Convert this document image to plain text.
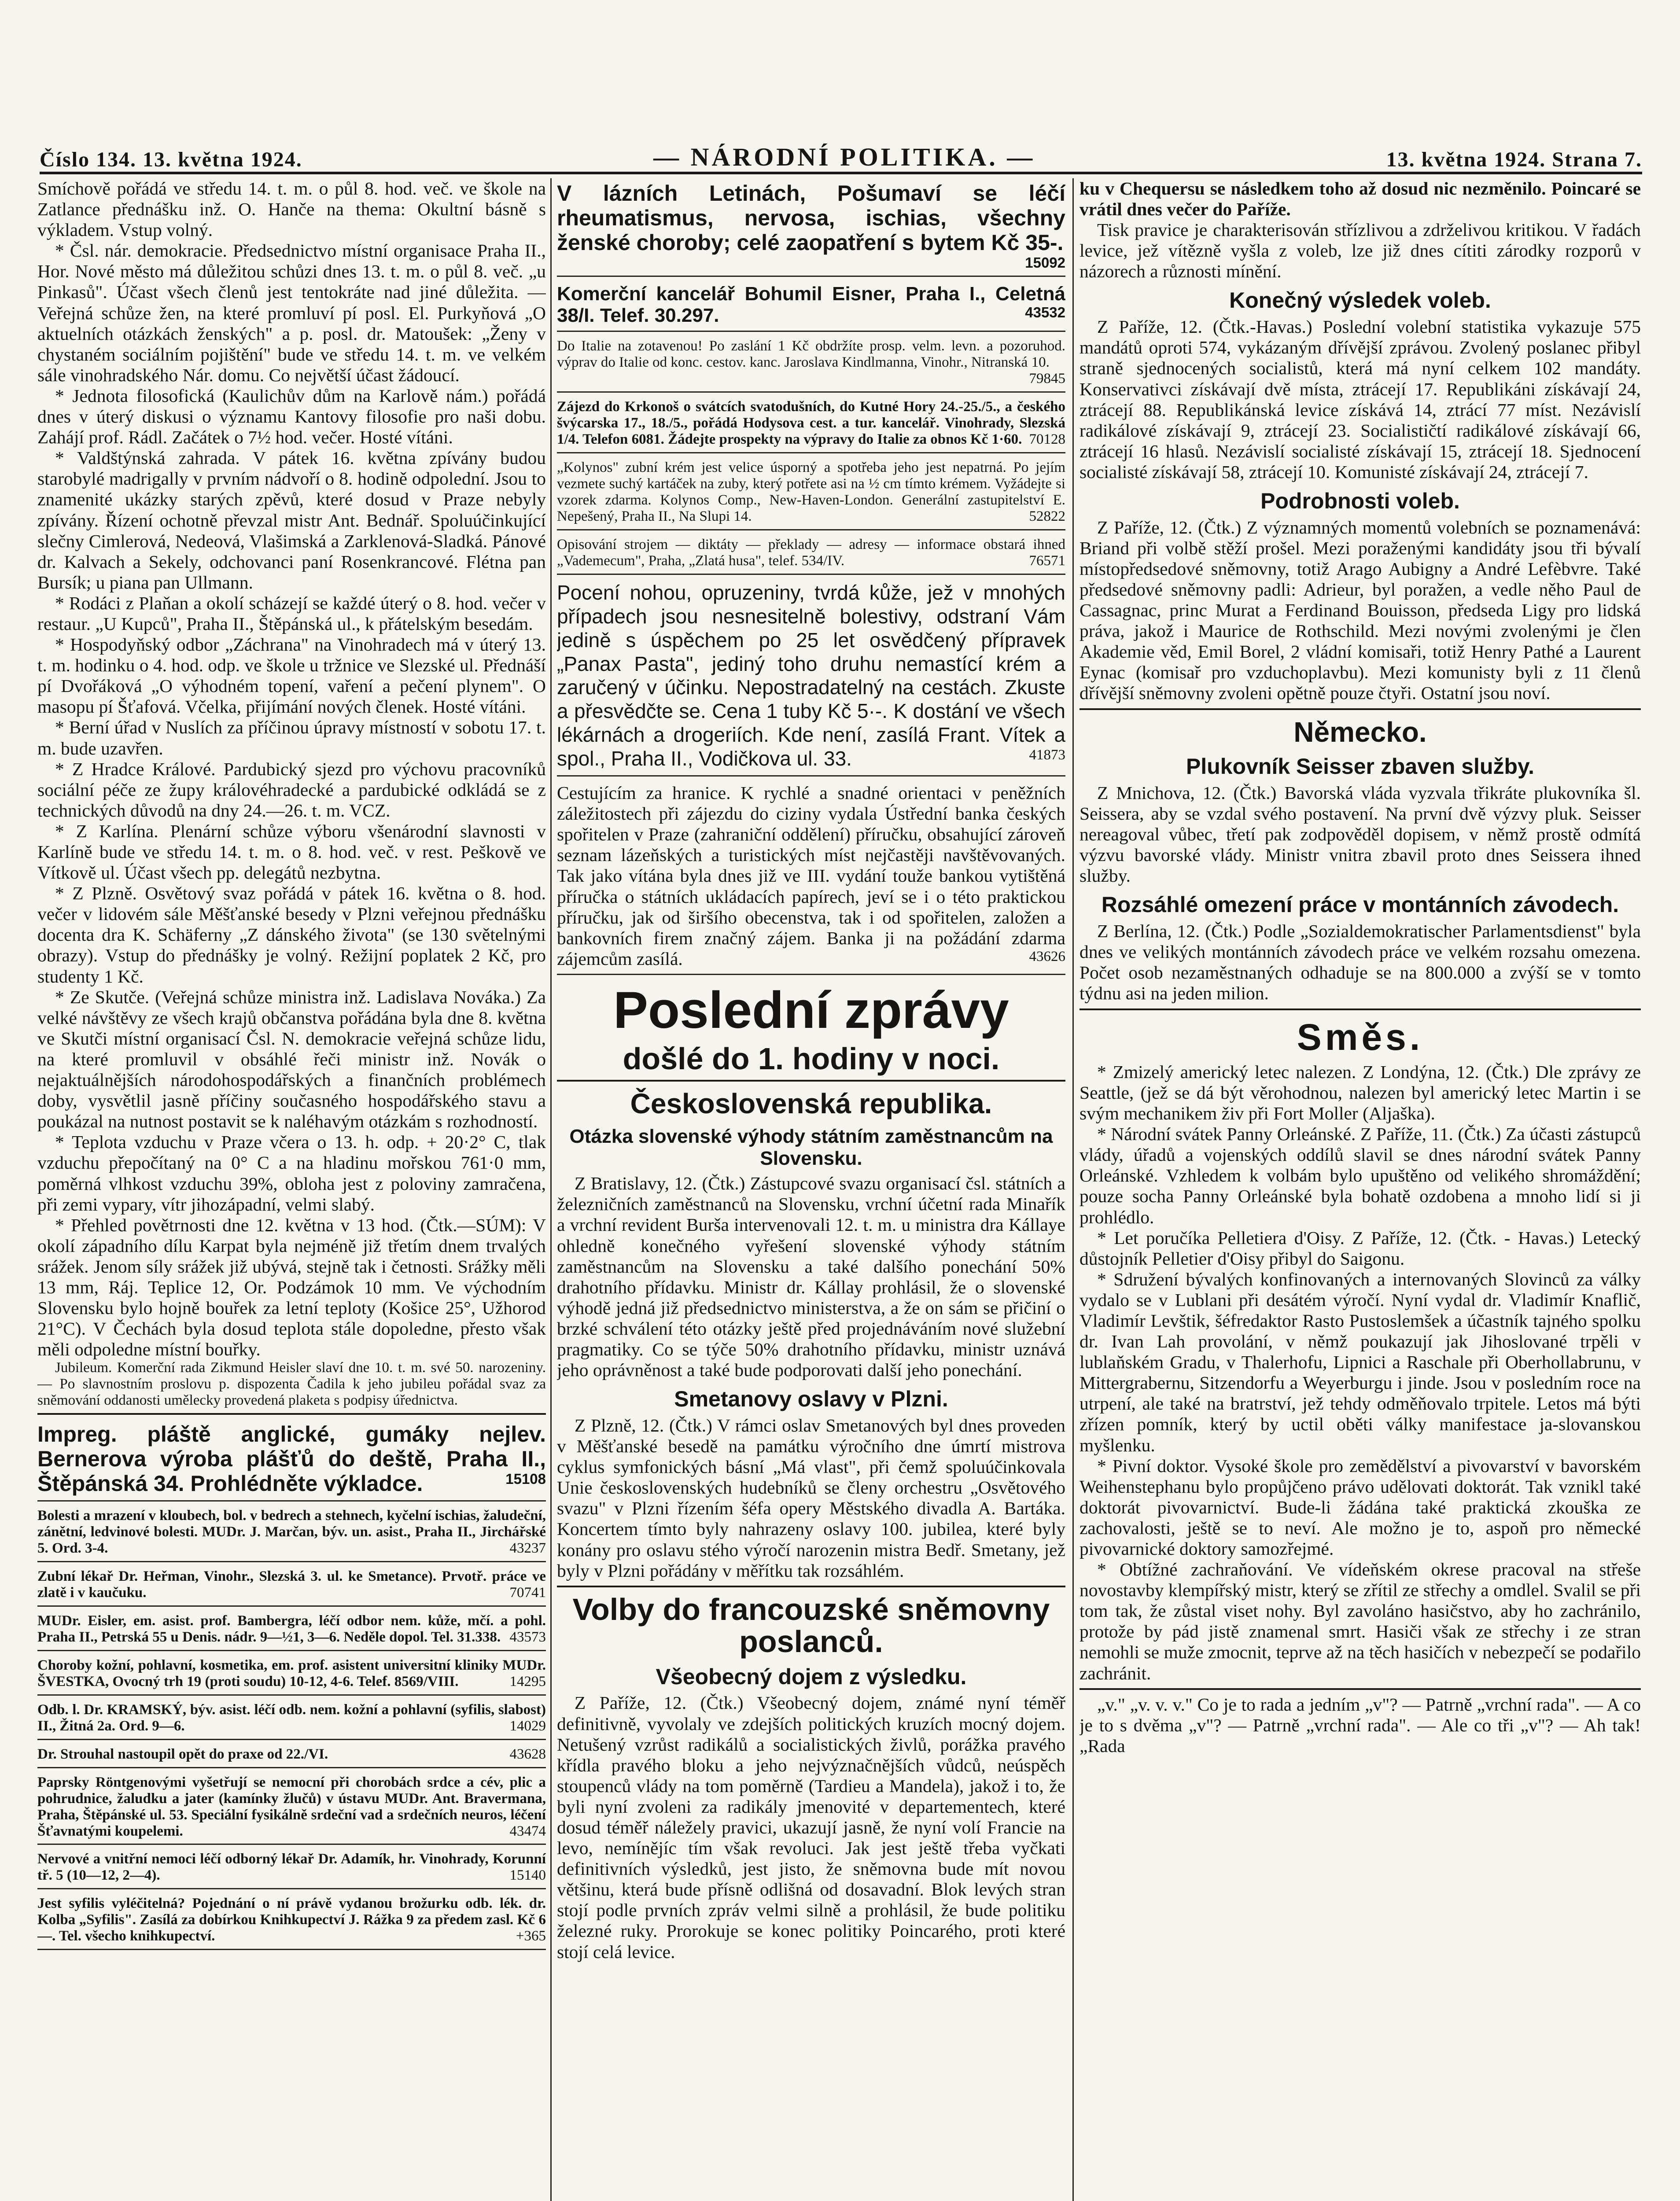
Číslo 134. 13. května 1924.	— NÁRODNÍ POLITIKA. —	13. května 1924. Strana 7.

Smíchově pořádá ve středu 14. t. m. o půl 8. hod. več. ve škole na Zatlance přednášku inž. O. Hanče na thema: Okultní básně s výkladem. Vstup volný.

* Čsl. nár. demokracie. Předsednictvo místní organisace Praha II., Hor. Nové město má důležitou schůzi dnes 13. t. m. o půl 8. več. „u Pinkasů". Účast všech členů jest tentokráte nad jiné důležita. — Veřejná schůze žen, na které promluví pí posl. El. Purkyňová „O aktuelních otázkách ženských" a p. posl. dr. Matoušek: „Ženy v chystaném sociálním pojištění" bude ve středu 14. t. m. ve velkém sále vinohradského Nár. domu. Co největší účast žádoucí.

* Jednota filosofická (Kaulichův dům na Karlově nám.) pořádá dnes v úterý diskusi o významu Kantovy filosofie pro naši dobu. Zahájí prof. Rádl. Začátek o 7½ hod. večer. Hosté vítáni.

* Valdštýnská zahrada. V pátek 16. května zpívány budou starobylé madrigally v prvním nádvoří o 8. hodině odpolední. Jsou to znamenité ukázky starých zpěvů, které dosud v Praze nebyly zpívány. Řízení ochotně převzal mistr Ant. Bednář. Spoluúčinkující slečny Cimlerová, Nedeová, Vlašimská a Zarklenová-Sladká. Pánové dr. Kalvach a Sekely, odchovanci paní Rosenkrancové. Flétna pan Bursík; u piana pan Ullmann.

* Rodáci z Plaňan a okolí scházejí se každé úterý o 8. hod. večer v restaur. „U Kupců", Praha II., Štěpánská ul., k přátelským besedám.

* Hospodyňský odbor „Záchrana" na Vinohradech má v úterý 13. t. m. hodinku o 4. hod. odp. ve škole u tržnice ve Slezské ul. Přednáší pí Dvořáková „O výhodném topení, vaření a pečení plynem". O masopu pí Šťafová. Včelka, přijímání nových členek. Hosté vítáni.

* Berní úřad v Nuslích za příčinou úpravy místností v sobotu 17. t. m. bude uzavřen.

* Z Hradce Králové. Pardubický sjezd pro výchovu pracovníků sociální péče ze župy královéhradecké a pardubické odkládá se z technických důvodů na dny 24.—26. t. m. VCZ.

* Z Karlína. Plenární schůze výboru všenárodní slavnosti v Karlíně bude ve středu 14. t. m. o 8. hod. več. v rest. Peškově ve Vítkově ul. Účast všech pp. delegátů nezbytna.

* Z Plzně. Osvětový svaz pořádá v pátek 16. května o 8. hod. večer v lidovém sále Měšťanské besedy v Plzni veřejnou přednášku docenta dra K. Schäferny „Z dánského života" (se 130 světelnými obrazy). Vstup do přednášky je volný. Režijní poplatek 2 Kč, pro studenty 1 Kč.

* Ze Skutče. (Veřejná schůze ministra inž. Ladislava Nováka.) Za velké návštěvy ze všech krajů občanstva pořádána byla dne 8. května ve Skutči místní organisací Čsl. N. demokracie veřejná schůze lidu, na které promluvil v obsáhlé řeči ministr inž. Novák o nejaktuálnějších národohospodářských a finančních problémech doby, vysvětlil jasně příčiny současného hospodářského stavu a poukázal na nutnost postavit se k naléhavým otázkám s rozhodností.

* Teplota vzduchu v Praze včera o 13. h. odp. + 20·2° C, tlak vzduchu přepočítaný na 0° C a na hladinu mořskou 761·0 mm, poměrná vlhkost vzduchu 39%, obloha jest z poloviny zamračena, při zemi vypary, vítr jihozápadní, velmi slabý.

* Přehled povětrnosti dne 12. května v 13 hod. (Čtk.—SÚM): V okolí západního dílu Karpat byla nejméně již třetím dnem trvalých srážek. Jenom síly srážek již ubývá, stejně tak i četnosti. Srážky měli 13 mm, Ráj. Teplice 12, Or. Podzámok 10 mm. Ve východním Slovensku bylo hojně bouřek za letní teploty (Košice 25°, Užhorod 21°C). V Čechách byla dosud teplota stále dopoledne, přesto však měli odpoledne místní bouřky.

Jubileum. Komerční rada Zikmund Heisler slaví dne 10. t. m. své 50. narozeniny. — Po slavnostním proslovu p. dispozenta Čadila k jeho jubileu pořádal svaz za sněmování oddanosti umělecky provedená plaketa s podpisy úřednictva.

Impreg. pláště anglické, gumáky nejlev. Bernerova výroba plášťů do deště, Praha II., Štěpánská 34. Prohlédněte výkladce.	15108
Bolesti a mrazení v kloubech, bol. v bedrech a stehnech, kyčelní ischias, žaludeční, zánětní, ledvinové bolesti. MUDr. J. Marčan, býv. un. asist., Praha II., Jirchářské 5. Ord. 3-4.	43237
Zubní lékař Dr. Heřman, Vinohr., Slezská 3. ul. ke Smetance). Prvotř. práce ve zlatě i v kaučuku.	70741
MUDr. Eisler, em. asist. prof. Bambergra, léčí odbor nem. kůže, mčí. a pohl. Praha II., Petrská 55 u Denis. nádr. 9—½1, 3—6. Neděle dopol. Tel. 31.338. 43573
Choroby kožní, pohlavní, kosmetika, em. prof. asistent universitní kliniky MUDr. ŠVESTKA, Ovocný trh 19 (proti soudu) 10-12, 4-6. Telef. 8569/VIII.	14295
Odb. l. Dr. KRAMSKÝ, býv. asist. léčí odb. nem. kožní a pohlavní (syfilis, slabost) II., Žitná 2a. Ord. 9—6.	14029
Dr. Strouhal nastoupil opět do praxe od 22./VI.	43628
Paprsky Röntgenovými vyšetřují se nemocní při chorobách srdce a cév, plic a pohrudnice, žaludku a jater (kamínky žlučů) v ústavu MUDr. Ant. Bravermana, Praha, Štěpánské ul. 53. Speciální fysikálně srdeční vad a srdečních neuros, léčení Šťavnatými koupelemi.	43474
Nervové a vnitřní nemoci léčí odborný lékař Dr. Adamík, hr. Vinohrady, Korunní tř. 5 (10—12, 2—4).	15140
Jest syfilis vyléčitelná? Pojednání o ní právě vydanou brožurku odb. lék. dr. Kolba „Syfilis". Zasílá za dobírkou Knihkupectví J. Rážka 9 za předem zasl. Kč 6—. Tel. všecho knihkupectví.	+365
V lázních Letinách, Pošumaví se léčí rheumatismus, nervosa, ischias, všechny ženské choroby; celé zaopatření s bytem Kč 35-.
15092
Komerční kancelář Bohumil Eisner, Praha I., Celetná 38/I. Telef. 30.297.	43532
Do Italie na zotavenou! Po zaslání 1 Kč obdržíte prosp. velm. levn. a pozoruhod. výprav do Italie od konc. cestov. kanc. Jaroslava Kindlmanna, Vinohr., Nitranská 10.
79845
Zájezd do Krkonoš o svátcích svatodušních, do Kutné Hory 24.-25./5., a českého švýcarska 17., 18./5., pořádá Hodysova cest. a tur. kancelář. Vinohrady, Slezská 1/4. Telefon 6081. Žádejte prospekty na výpravy do Italie za obnos Kč 1·60. 70128
„Kolynos" zubní krém jest velice úsporný a spotřeba jeho jest nepatrná. Po jejím vezmete suchý kartáček na zuby, který potřete asi na ½ cm tímto krémem. Vyžádejte si vzorek zdarma. Kolynos Comp., New-Haven-London. Generální zastupitelství E. Nepešený, Praha II., Na Slupi 14.	52822
Opisování strojem — diktáty — překlady — adresy — informace obstará ihned „Vademecum", Praha, „Zlatá husa", telef. 534/IV.	76571
Pocení nohou, opruzeniny, tvrdá kůže, jež v mnohých případech jsou nesnesitelně bolestivy, odstraní Vám jedině s úspěchem po 25 let osvědčený přípravek „Panax Pasta", jediný toho druhu nemastící krém a zaručený v účinku. Nepostradatelný na cestách. Zkuste a přesvědčte se. Cena 1 tuby Kč 5·-. K dostání ve všech lékárnách a drogeriích. Kde není, zasílá Frant. Vítek a spol., Praha II., Vodičkova ul. 33.	41873
Cestujícím za hranice. K rychlé a snadné orientaci v peněžních záležitostech při zájezdu do ciziny vydala Ústřední banka českých spořitelen v Praze (zahraniční oddělení) příručku, obsahující zároveň seznam lázeňských a turistických míst nejčastěji navštěvovaných. Tak jako vítána byla dnes již ve III. vydání touže bankou vytištěná příručka o státních ukládacích papírech, jeví se i o této praktickou příručku, jak od širšího obecenstva, tak i od spořitelen, založen a bankovních firem značný zájem. Banka ji na požádání zdarma zájemcům zasílá.	43626
Poslední zprávy
došlé do 1. hodiny v noci.
Československá republika.
Otázka slovenské výhody státním zaměstnancům na Slovensku.

Z Bratislavy, 12. (Čtk.) Zástupcové svazu organisací čsl. státních a železničních zaměstnanců na Slovensku, vrchní účetní rada Minařík a vrchní revident Burša intervenovali 12. t. m. u ministra dra Kállaye ohledně konečného vyřešení slovenské výhody státním zaměstnancům na Slovensku a také dalšího ponechání 50% drahotního přídavku. Ministr dr. Kállay prohlásil, že o slovenské výhodě jedná již předsednictvo ministerstva, a že on sám se přičiní o brzké schválení této otázky ještě před projednáváním nové služební pragmatiky. Co se týče 50% drahotního přídavku, ministr uznává jeho oprávněnost a také bude podporovati další jeho ponechání.

Smetanovy oslavy v Plzni.

Z Plzně, 12. (Čtk.) V rámci oslav Smetanových byl dnes proveden v Měšťanské besedě na památku výročního dne úmrtí mistrova cyklus symfonických básní „Má vlast", při čemž spoluúčinkovala Unie československých hudebníků se členy orchestru „Osvětového svazu" v Plzni řízením šéfa opery Městského divadla A. Bartáka. Koncertem tímto byly nahrazeny oslavy 100. jubilea, které byly konány pro oslavu stého výročí narozenin mistra Bedř. Smetany, jež byly v Plzni pořádány v měřítku tak rozsáhlém.

Volby do francouzské sněmovny poslanců.
Všeobecný dojem z výsledku.

Z Paříže, 12. (Čtk.) Všeobecný dojem, známé nyní téměř definitivně, vyvolaly ve zdejších politických kruzích mocný dojem. Netušený vzrůst radikálů a socialistických živlů, porážka pravého křídla pravého bloku a jeho nejvýznačnějších vůdců, neúspěch stoupenců vlády na tom poměrně (Tardieu a Mandela), jakož i to, že byli nyní zvoleni za radikály jmenovité v departementech, které dosud téměř náležely pravici, ukazují jasně, že nyní volí Francie na levo, nemínějíc tím však revoluci. Jak jest ještě třeba vyčkati definitivních výsledků, jest jisto, že sněmovna bude mít novou většinu, která bude přísně odlišná od dosavadní. Blok levých stran stojí podle prvních zpráv velmi silně a prohlásil, že bude politiku železné ruky. Prorokuje se konec politiky Poincarého, proti které stojí celá levice.

ku v Chequersu se následkem toho až dosud nic nezměnilo. Poincaré se vrátil dnes večer do Paříže.

Tisk pravice je charakterisován střízlivou a zdrželivou kritikou. V řadách levice, jež vítězně vyšla z voleb, lze již dnes cítiti zárodky rozporů v názorech a různosti mínění.

Konečný výsledek voleb.

Z Paříže, 12. (Čtk.-Havas.) Poslední volební statistika vykazuje 575 mandátů oproti 574, vykázaným dřívější zprávou. Zvolený poslanec přibyl straně sjednocených socialistů, která má nyní celkem 102 mandáty. Konservativci získávají dvě místa, ztrácejí 17. Republikáni získávají 24, ztrácejí 88. Republikánská levice získává 14, ztrácí 77 míst. Nezávislí radikálové získávají 9, ztrácejí 23. Socialističtí radikálové získávají 66, ztrácejí 16 hlasů. Nezávislí socialisté získávají 15, ztrácejí 18. Sjednocení socialisté získávají 58, ztrácejí 10. Komunisté získávají 24, ztrácejí 7.

Podrobnosti voleb.

Z Paříže, 12. (Čtk.) Z významných momentů volebních se poznamenává: Briand při volbě stěží prošel. Mezi poraženými kandidáty jsou tři bývalí místopředsedové sněmovny, totiž Arago Aubigny a André Lefèbvre. Také předsedové sněmovny padli: Adrieur, byl poražen, a vedle něho Paul de Cassagnac, princ Murat a Ferdinand Bouisson, předseda Ligy pro lidská práva, jakož i Maurice de Rothschild. Mezi novými zvolenými je člen Akademie věd, Emil Borel, 2 vládní komisaři, totiž Henry Pathé a Laurent Eynac (komisař pro vzduchoplavbu). Mezi komunisty byli z 11 členů dřívější sněmovny zvoleni opětně pouze čtyři. Ostatní jsou noví.

Německo.
Plukovník Seisser zbaven služby.

Z Mnichova, 12. (Čtk.) Bavorská vláda vyzvala třikráte plukovníka šl. Seissera, aby se vzdal svého postavení. Na první dvě výzvy pluk. Seisser nereagoval vůbec, třetí pak zodpověděl dopisem, v němž prostě odmítá výzvu bavorské vlády. Ministr vnitra zbavil proto dnes Seissera ihned služby.

Rozsáhlé omezení práce v montánních závodech.

Z Berlína, 12. (Čtk.) Podle „Sozialdemokratischer Parlamentsdienst" byla dnes ve velikých montánních závodech práce ve velkém rozsahu omezena. Počet osob nezaměstnaných odhaduje se na 800.000 a zvýší se v tomto týdnu asi na jeden milion.

Směs.

* Zmizelý americký letec nalezen. Z Londýna, 12. (Čtk.) Dle zprávy ze Seattle, (jež se dá být věrohodnou, nalezen byl americký letec Martin i se svým mechanikem živ při Fort Moller (Aljaška).

* Národní svátek Panny Orleánské. Z Paříže, 11. (Čtk.) Za účasti zástupců vlády, úřadů a vojenských oddílů slavil se dnes národní svátek Panny Orleánské. Vzhledem k volbám bylo upuštěno od velikého shromáždění; pouze socha Panny Orleánské byla bohatě ozdobena a mnoho lidí si ji prohlédlo.

* Let poručíka Pelletiera d'Oisy. Z Paříže, 12. (Čtk. - Havas.) Letecký důstojník Pelletier d'Oisy přibyl do Saigonu.

* Sdružení bývalých konfinovaných a internovaných Slovinců za války vydalo se v Lublani při desátém výročí. Nyní vydal dr. Vladimír Knaflič, Vladimír Levštik, šéfredaktor Rasto Pustoslemšek a účastník tajného spolku dr. Ivan Lah provolání, v němž poukazují jak Jihoslované trpěli v lublaňském Gradu, v Thalerhofu, Lipnici a Raschale při Oberhollabrunu, v Mittergrabernu, Sitzendorfu a Weyerburgu i jinde. Jsou v posledním roce na utrpení, ale také na bratrství, jež tehdy odměňovalo trpitele. Letos má býti zřízen pomník, který by uctil oběti války manifestace ja-slovanskou myšlenku.

* Pivní doktor. Vysoké škole pro zemědělství a pivovarství v bavorském Weihenstephanu bylo propůjčeno právo udělovati doktorát. Tak vznikl také doktorát pivovarnictví. Bude-li žádána také praktická zkouška ze zachovalosti, ještě se to neví. Ale možno je to, aspoň pro německé pivovarnické doktory samozřejmé.

* Obtížné zachraňování. Ve vídeňském okrese pracoval na střeše novostavby klempířský mistr, který se zřítil ze střechy a omdlel. Svalil se při tom tak, že zůstal viset nohy. Byl zavoláno hasičstvo, aby ho zachránilo, protože by pád jistě znamenal smrt. Hasiči však ze střechy i ze stran nemohli se muže zmocnit, teprve až na těch hasičích v nebezpečí se podařilo zachránit.

„v." „v. v. v." Co je to rada a jedním „v"? — Patrně „vrchní rada". — A co je to s dvěma „v"? — Patrně „vrchní rada". — Ale co tři „v"? — Ah tak! „Rada
